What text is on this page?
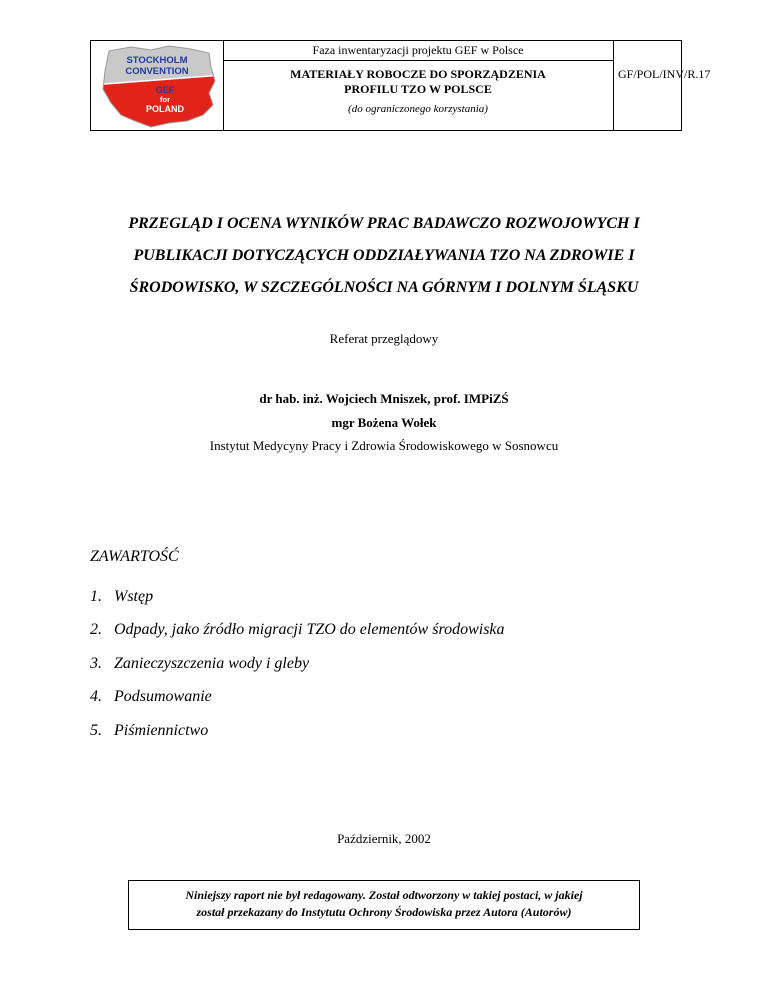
STOCKHOLM
CONVENTION
GEF
for
POLAND
Faza inwentaryzacji projektu GEF w Polsce
MATERIAŁY ROBOCZE DO SPORZĄDZENIA
PROFILU TZO W POLSCE
(do ograniczonego korzystania)
GF/POL/INV/R.17
PRZEGLĄD I OCENA WYNIKÓW PRAC BADAWCZO ROZWOJOWYCH I
PUBLIKACJI DOTYCZĄCYCH ODDZIAŁYWANIA TZO NA ZDROWIE I
ŚRODOWISKO, W SZCZEGÓLNOŚCI NA GÓRNYM I DOLNYM ŚLĄSKU
Referat przeglądowy
dr hab. inż. Wojciech Mniszek, prof. IMPiZŚ
mgr Bożena Wołek
Instytut Medycyny Pracy i Zdrowia Środowiskowego w Sosnowcu
ZAWARTOŚĆ
1. Wstęp
2. Odpady, jako źródło migracji TZO do elementów środowiska
3. Zanieczyszczenia wody i gleby
4. Podsumowanie
5. Piśmiennictwo
Październik, 2002
Niniejszy raport nie był redagowany. Został odtworzony w takiej postaci, w jakiej
został przekazany do Instytutu Ochrony Środowiska przez Autora (Autorów)
